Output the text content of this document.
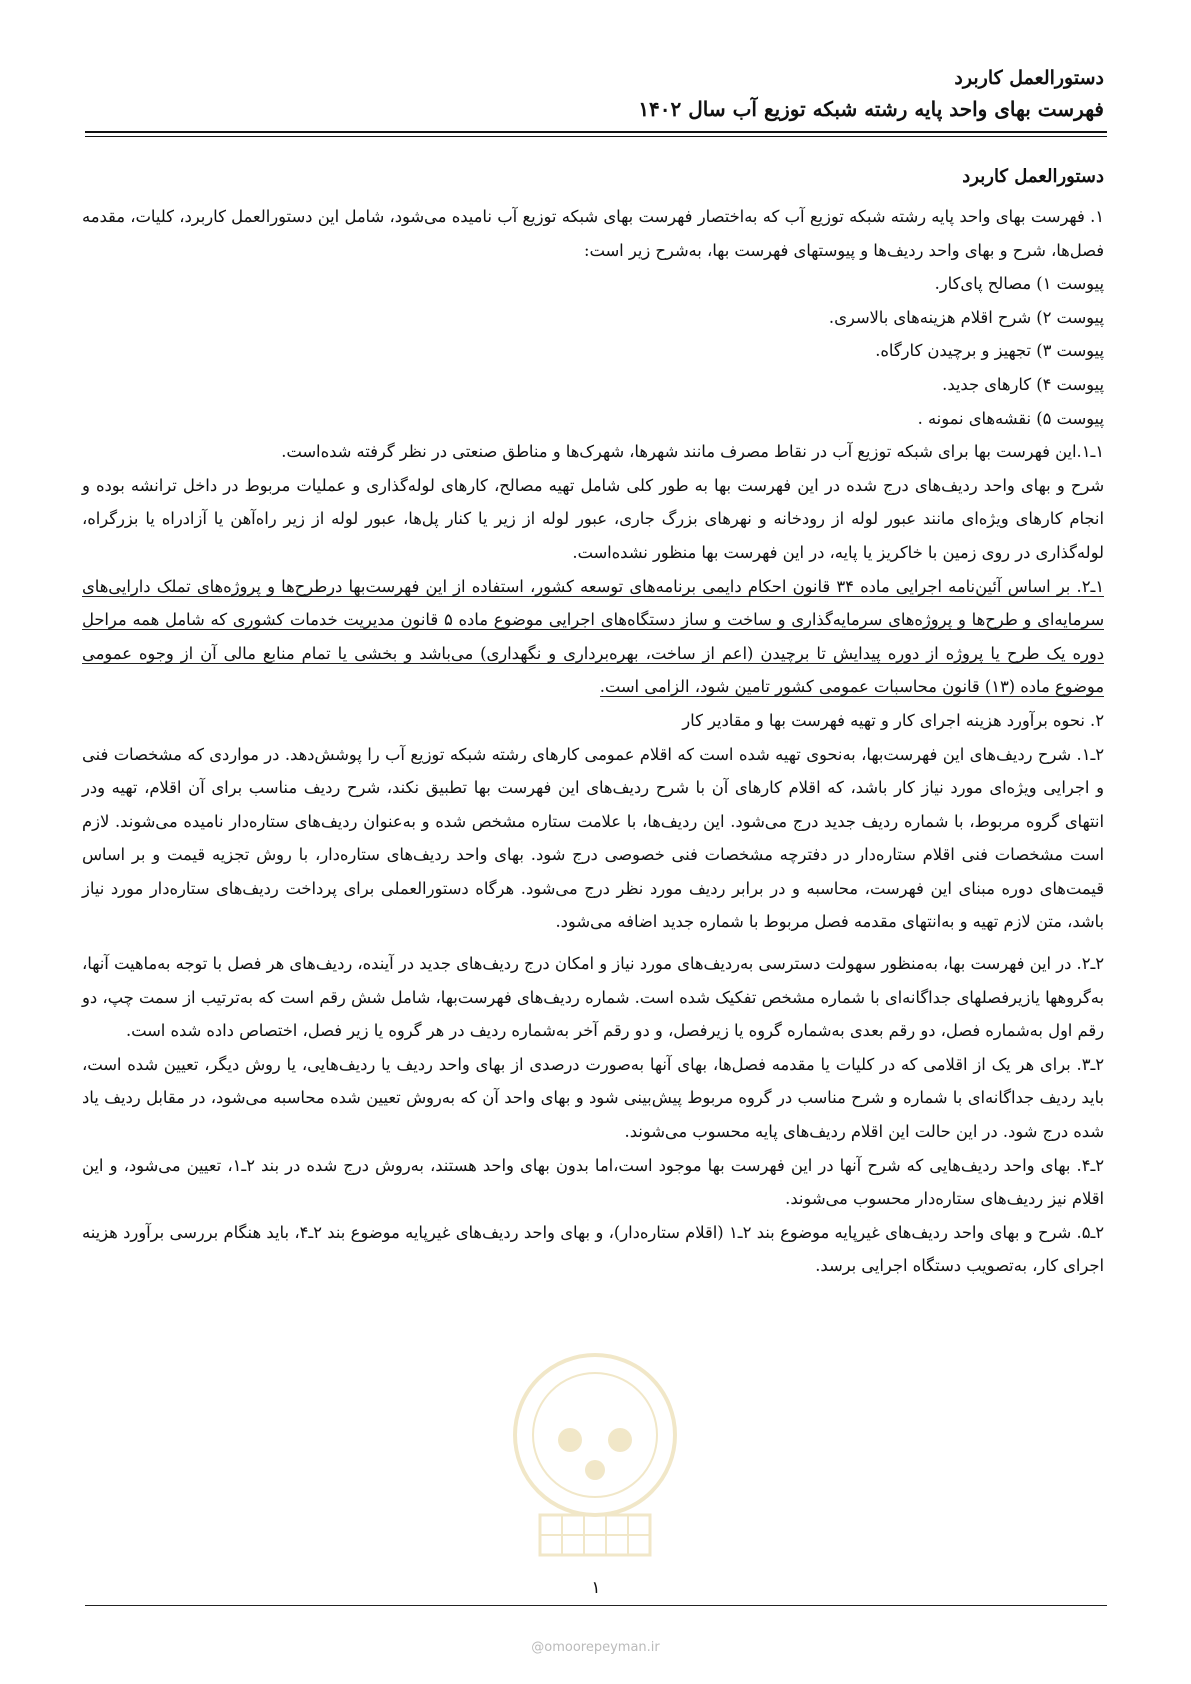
دستورالعمل کاربرد
فهرست بهای واحد پایه رشته شبکه توزیع آب سال ۱۴۰۲

دستورالعمل کاربرد

۱. فهرست بهای واحد پایه رشته شبکه توزیع آب که به‌اختصار فهرست بهای شبکه توزیع آب نامیده می‌شود، شامل این دستورالعمل کاربرد، کلیات، مقدمه فصل‌ها، شرح و بهای واحد ردیف‌ها و پیوستهای فهرست بها، به‌شرح زیر است:

پیوست ۱) مصالح پای‌کار.

پیوست ۲) شرح اقلام هزینه‌های بالاسری.

پیوست ۳) تجهیز و برچیدن کارگاه.

پیوست ۴) کارهای جدید.

پیوست ۵) نقشه‌های نمونه .

۱ـ۱.این فهرست بها برای شبکه توزیع آب در نقاط مصرف مانند شهرها، شهرک‌ها و مناطق صنعتی در نظر گرفته شده‌است.

شرح و بهای واحد ردیف‌های درج شده در این فهرست بها به طور کلی شامل تهیه مصالح، کارهای لوله‌گذاری و عملیات مربوط در داخل ترانشه بوده و انجام کارهای ویژه‌ای مانند عبور لوله از رودخانه و نهرهای بزرگ جاری، عبور لوله از زیر یا کنار پل‌ها، عبور لوله از زیر راه‌آهن یا آزادراه یا بزرگراه، لوله‌گذاری در روی زمین با خاکریز یا پایه، در این فهرست بها منظور نشده‌است.

۱ـ۲. بر اساس آئین‌نامه اجرایی ماده ۳۴ قانون احکام دایمی برنامه‌های توسعه کشور، استفاده از این فهرست‌بها درطرح‌ها و پروژه‌های تملک دارایی‌های سرمایه‌ای و طرح‌ها و پروژه‌های سرمایه‌گذاری و ساخت و ساز دستگاه‌های اجرایی موضوع ماده ۵ قانون مدیریت خدمات کشوری که شامل همه مراحل دوره یک طرح یا پروژه از دوره پیدایش تا برچیدن (اعم از ساخت، بهره‌برداری و نگهداری) می‌باشد و بخشی یا تمام منابع مالی آن از وجوه عمومی موضوع ماده (۱۳) قانون محاسبات عمومی کشور تامین شود، الزامی است.

۲. نحوه برآورد هزینه اجرای کار و تهیه فهرست بها و مقادیر کار

۲ـ۱. شرح ردیف‌های این فهرست‌بها، به‌نحوی تهیه شده است که اقلام عمومی کارهای رشته شبکه توزیع آب را پوشش‌دهد. در مواردی که مشخصات فنی و اجرایی ویژه‌ای مورد نیاز کار باشد، که اقلام کارهای آن با شرح ردیف‌های این فهرست بها تطبیق نکند، شرح ردیف مناسب برای آن اقلام، تهیه ودر انتهای گروه مربوط، با شماره ردیف جدید درج می‌شود. این ردیف‌ها، با علامت ستاره مشخص شده و به‌عنوان ردیف‌های ستاره‌دار نامیده می‌شوند. لازم است مشخصات فنی اقلام ستاره‌دار در دفترچه مشخصات فنی خصوصی درج شود. بهای واحد ردیف‌های ستاره‌دار، با روش تجزیه قیمت و بر اساس قیمت‌های دوره مبنای این فهرست، محاسبه و در برابر ردیف مورد نظر درج می‌شود. هرگاه دستورالعملی برای پرداخت ردیف‌های ستاره‌دار مورد نیاز باشد، متن لازم تهیه و به‌انتهای مقدمه فصل مربوط با شماره جدید اضافه می‌شود.

۲ـ۲. در این فهرست بها، به‌منظور سهولت دسترسی به‌ردیف‌های مورد نیاز و امکان درج ردیف‌های جدید در آینده، ردیف‌های هر فصل با توجه به‌ماهیت آنها، به‌گروهها یازیرفصلهای جداگانه‌ای با شماره مشخص تفکیک شده است. شماره ردیف‌های فهرست‌بها، شامل شش رقم است که به‌ترتیب از سمت چپ، دو رقم اول به‌شماره فصل، دو رقم بعدی به‌شماره گروه یا زیرفصل، و دو رقم آخر به‌شماره ردیف در هر گروه یا زیر فصل، اختصاص داده شده است.

۲ـ۳. برای هر یک از اقلامی که در کلیات یا مقدمه فصل‌ها، بهای آنها به‌صورت درصدی از بهای واحد ردیف یا ردیف‌هایی، یا روش دیگر، تعیین شده است، باید ردیف جداگانه‌ای با شماره و شرح مناسب در گروه مربوط پیش‌بینی شود و بهای واحد آن که به‌روش تعیین شده محاسبه می‌شود، در مقابل ردیف یاد شده درج شود. در این حالت این اقلام ردیف‌های پایه محسوب می‌شوند.

۲ـ۴. بهای واحد ردیف‌هایی که شرح آنها در این فهرست بها موجود است،اما بدون بهای واحد هستند، به‌روش درج شده در بند ۲ـ۱، تعیین می‌شود، و این اقلام نیز ردیف‌های ستاره‌دار محسوب می‌شوند.

۲ـ۵. شرح و بهای واحد ردیف‌های غیرپایه موضوع بند ۲ـ۱ (اقلام ستاره‌دار)، و بهای واحد ردیف‌های غیرپایه موضوع بند ۲ـ۴، باید هنگام بررسی برآورد هزینه اجرای کار، به‌تصویب دستگاه اجرایی برسد.

۱
@omoorepeyman.ir
